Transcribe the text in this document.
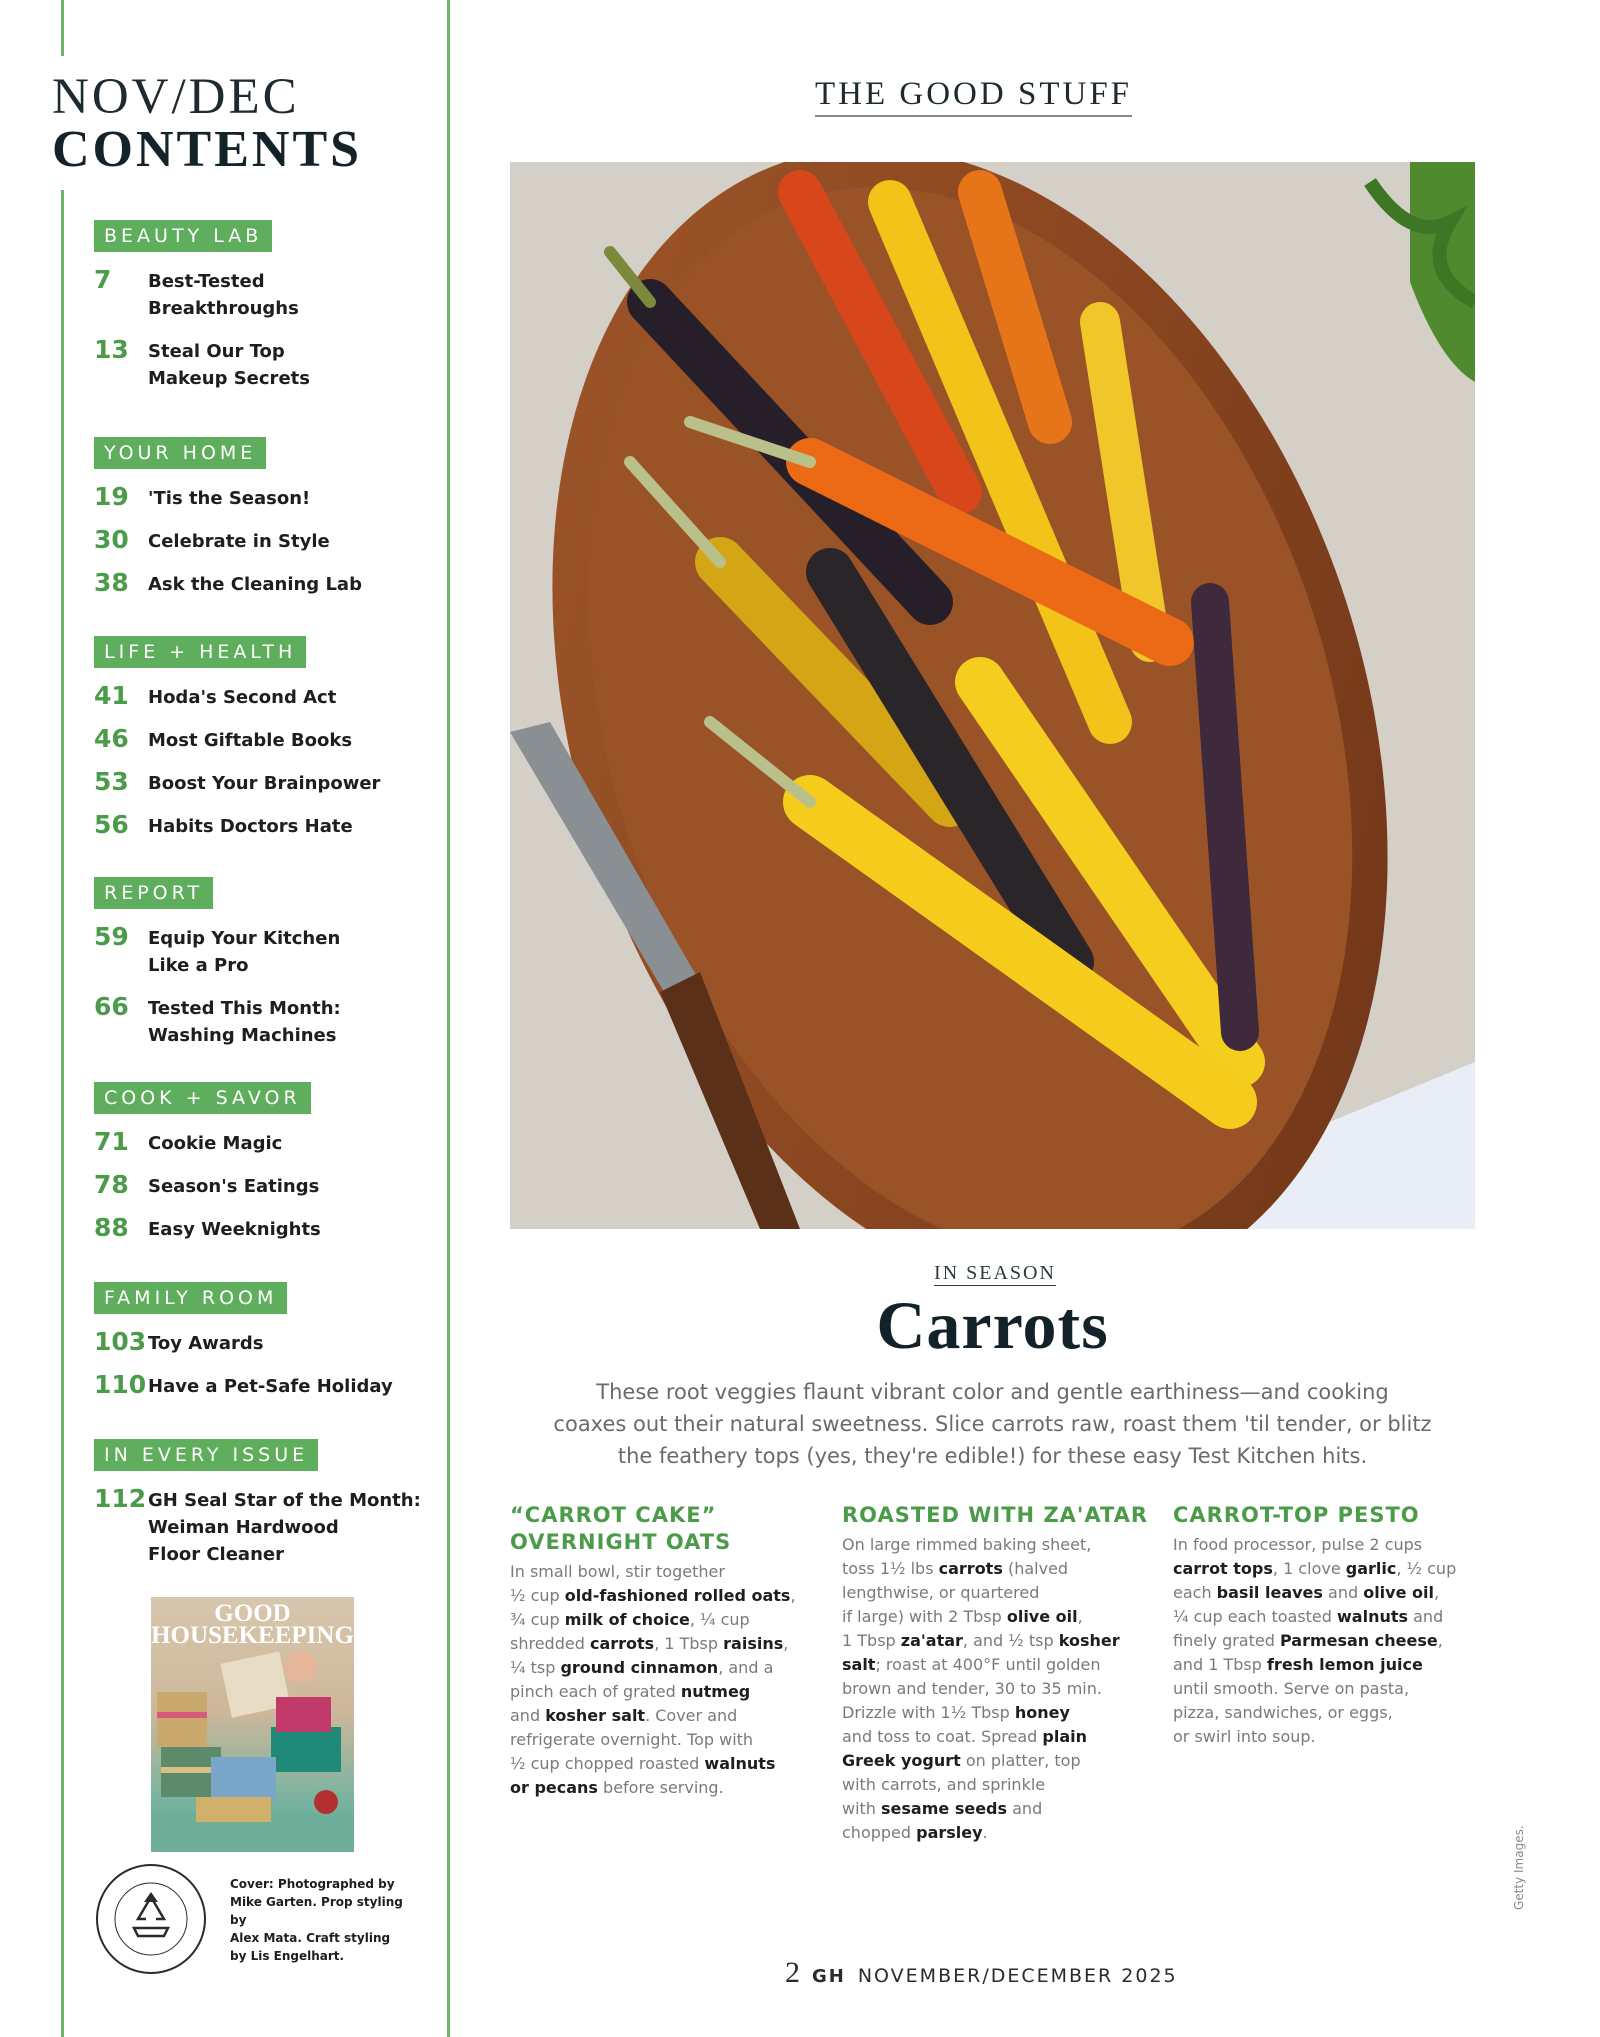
NOV/DEC
CONTENTS
BEAUTY LAB
7	Best-Tested
Breakthroughs
13	Steal Our Top
Makeup Secrets
YOUR HOME
19	'Tis the Season!
30	Celebrate in Style
38	Ask the Cleaning Lab
LIFE + HEALTH
41	Hoda's Second Act
46	Most Giftable Books
53	Boost Your Brainpower
56	Habits Doctors Hate
REPORT
59	Equip Your Kitchen
Like a Pro
66	Tested This Month:
Washing Machines
COOK + SAVOR
71	Cookie Magic
78	Season's Eatings
88	Easy Weeknights
FAMILY ROOM
103 Toy Awards
110 Have a Pet-Safe Holiday
IN EVERY ISSUE
112 GH Seal Star of the Month:
Weiman Hardwood
Floor Cleaner
GOOD HOUSEKEEPING
Cover: Photographed by
Mike Garten. Prop styling by
Alex Mata. Craft styling
by Lis Engelhart.
THE GOOD STUFF
IN SEASON
Carrots
These root veggies flaunt vibrant color and gentle earthiness—and cooking
coaxes out their natural sweetness. Slice carrots raw, roast them 'til tender, or blitz
the feathery tops (yes, they're edible!) for these easy Test Kitchen hits.
“CARROT CAKE”
OVERNIGHT OATS

In small bowl, stir together
½ cup old-fashioned rolled oats,
¾ cup milk of choice, ¼ cup
shredded carrots, 1 Tbsp raisins,
¼ tsp ground cinnamon, and a
pinch each of grated nutmeg
and kosher salt. Cover and
refrigerate overnight. Top with
½ cup chopped roasted walnuts
or pecans before serving.

ROASTED WITH ZA'ATAR

On large rimmed baking sheet,
toss 1½ lbs carrots (halved
lengthwise, or quartered
if large) with 2 Tbsp olive oil,
1 Tbsp za'atar, and ½ tsp kosher
salt; roast at 400°F until golden
brown and tender, 30 to 35 min.
Drizzle with 1½ Tbsp honey
and toss to coat. Spread plain
Greek yogurt on platter, top
with carrots, and sprinkle
with sesame seeds and
chopped parsley.

CARROT-TOP PESTO

In food processor, pulse 2 cups
carrot tops, 1 clove garlic, ½ cup
each basil leaves and olive oil,
¼ cup each toasted walnuts and
finely grated Parmesan cheese,
and 1 Tbsp fresh lemon juice
until smooth. Serve on pasta,
pizza, sandwiches, or eggs,
or swirl into soup.

Getty Images.
2 GH NOVEMBER/DECEMBER 2025
